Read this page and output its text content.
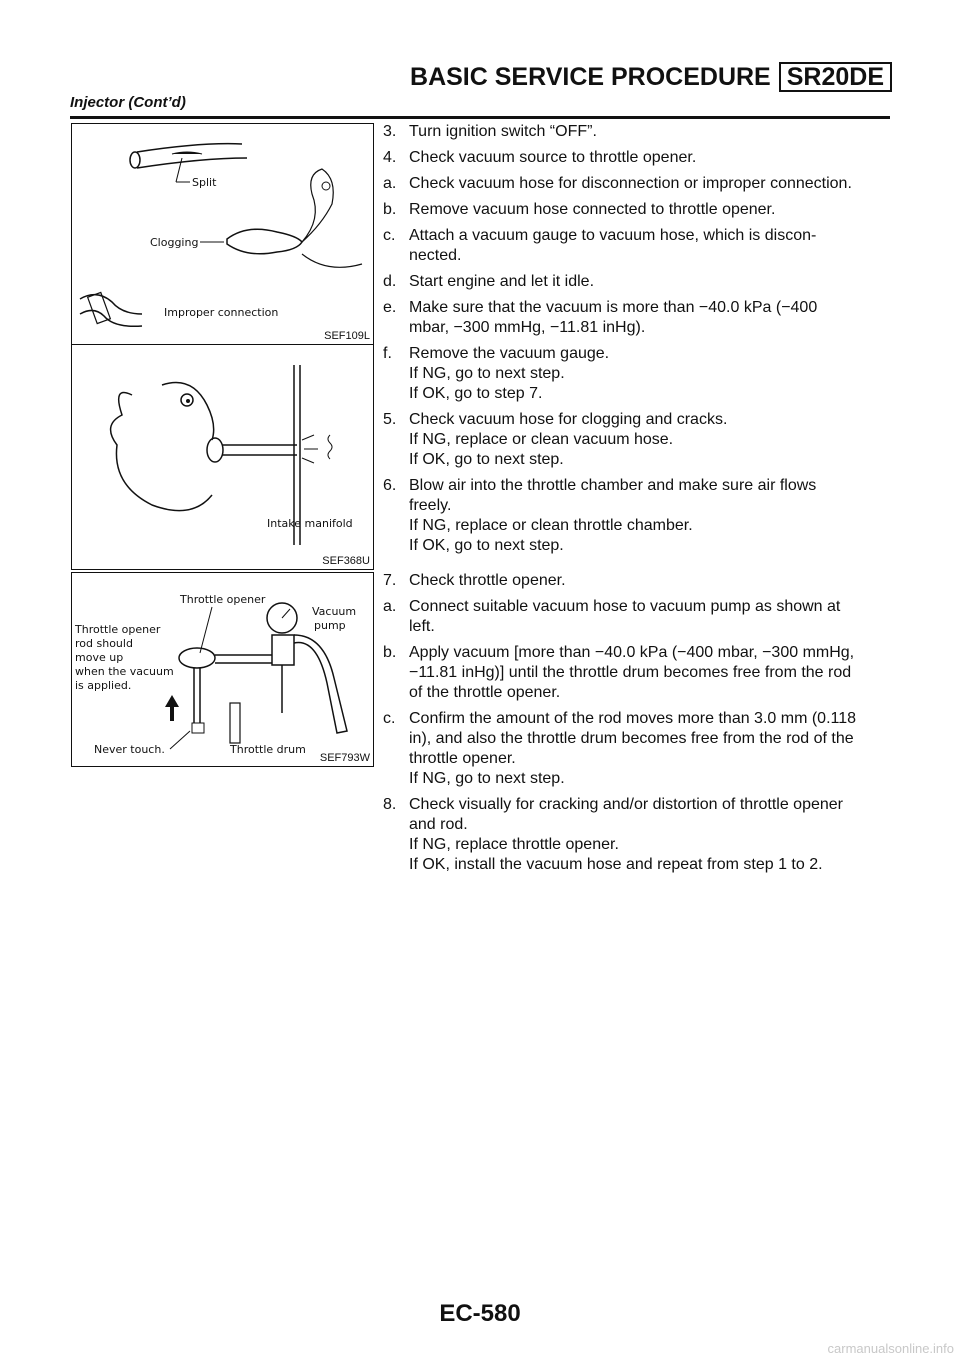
BASIC SERVICE PROCEDURE SR20DE
Injector (Cont’d)
Split
Clogging
Improper connection
SEF109L
Intake manifold
SEF368U
Throttle opener
Vacuum
pump
Throttle opener
rod should
move up
when the vacuum
is applied.
Never touch.	Throttle drum
SEF793W
3. Turn ignition switch “OFF”.
4. Check vacuum source to throttle opener.
a. Check vacuum hose for disconnection or improper connection.
b. Remove vacuum hose connected to throttle opener.
c. Attach a vacuum gauge to vacuum hose, which is discon-
nected.
d. Start engine and let it idle.
e. Make sure that the vacuum is more than −40.0 kPa (−400
mbar, −300 mmHg, −11.81 inHg).
f.	Remove the vacuum gauge.
If NG, go to next step.
If OK, go to step 7.
5. Check vacuum hose for clogging and cracks.
If NG, replace or clean vacuum hose.
If OK, go to next step.
6. Blow air into the throttle chamber and make sure air flows
freely.
If NG, replace or clean throttle chamber.
If OK, go to next step.
7. Check throttle opener.
a. Connect suitable vacuum hose to vacuum pump as shown at
left.
b. Apply vacuum [more than −40.0 kPa (−400 mbar, −300 mmHg,
−11.81 inHg)] until the throttle drum becomes free from the rod
of the throttle opener.
c. Confirm the amount of the rod moves more than 3.0 mm (0.118
in), and also the throttle drum becomes free from the rod of the
throttle opener.
If NG, go to next step.
8. Check visually for cracking and/or distortion of throttle opener
and rod.
If NG, replace throttle opener.
If OK, install the vacuum hose and repeat from step 1 to 2.
EC-580
carmanualsonline.info
